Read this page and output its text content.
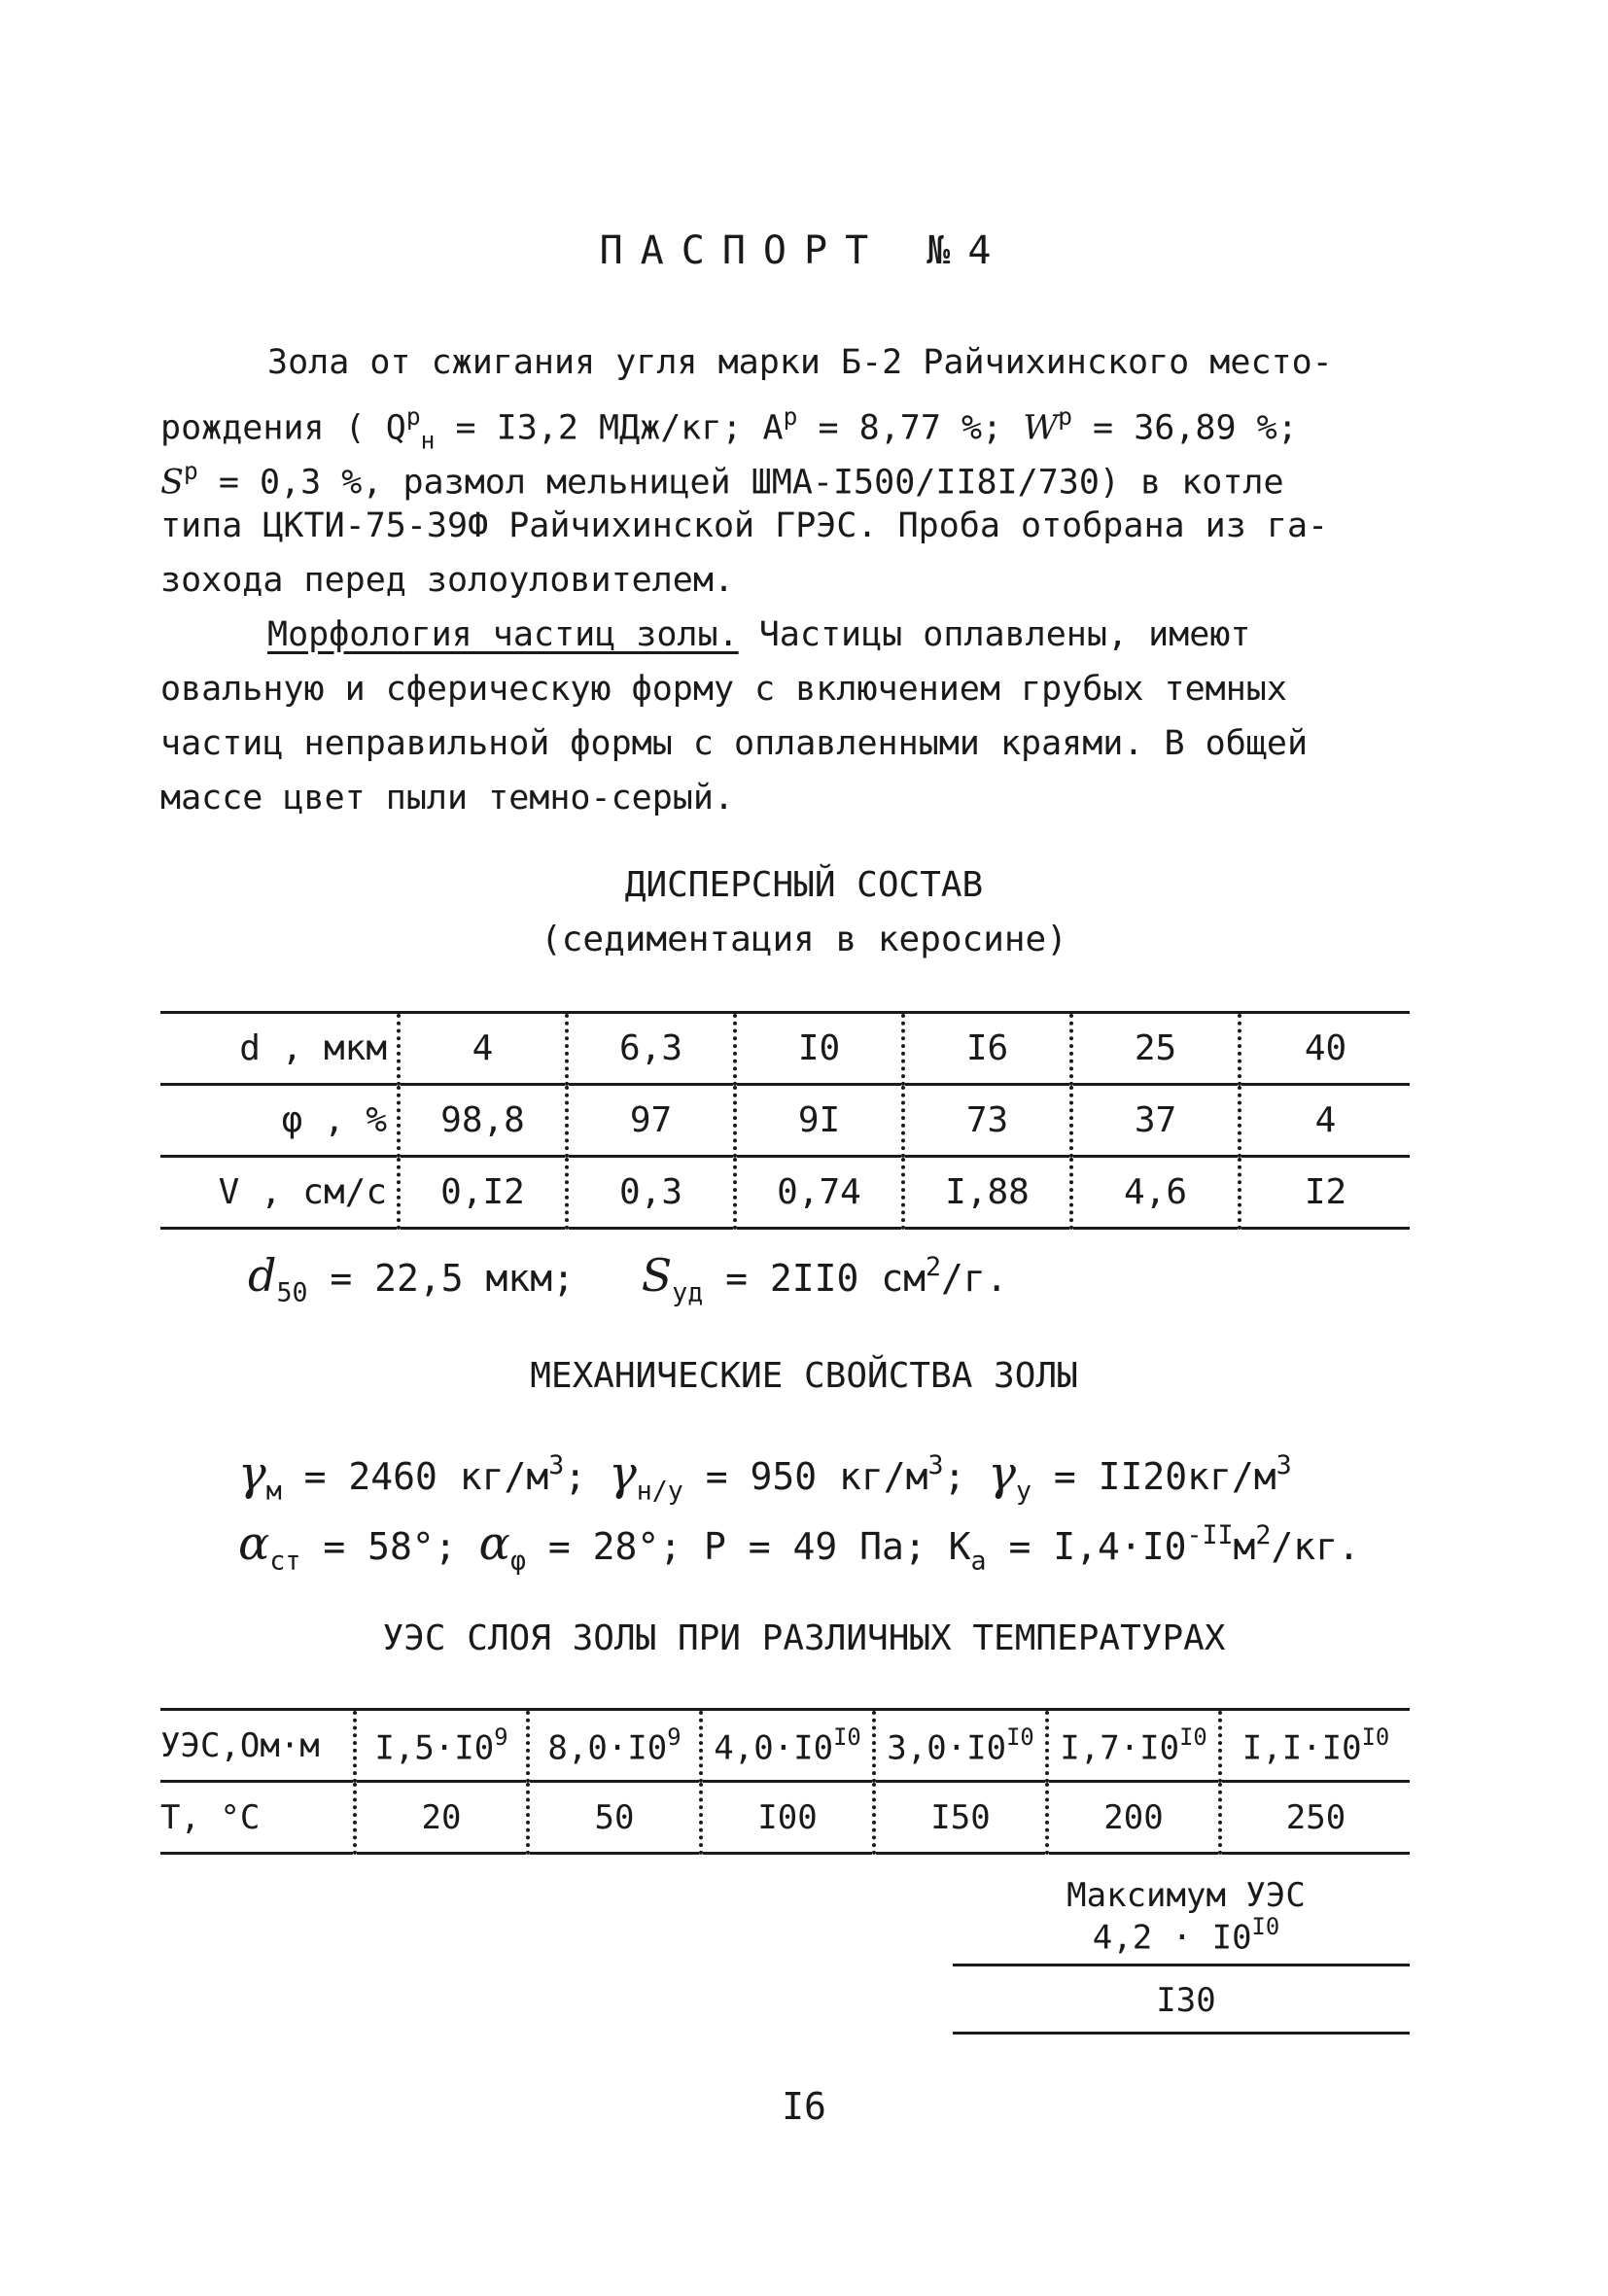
ПАСПОРТ №4
Зола от сжигания угля марки Б-2 Райчихинского место-
рождения ( $Q^р_н = I3,2$ МДж/кг; $А^р = 8,77$ %; $W^р = 36,89$ %;
$S^р = 0,3$ %, размол мельницей ШМА-I500/II8I/730) в котле
типа ЦКТИ-75-39Ф Райчихинской ГРЭС. Проба отобрана из га-
зохода перед золоуловителем.
Морфология частиц золы. Частицы оплавлены, имеют
овальную и сферическую форму с включением грубых темных
частиц неправильной формы с оплавленными краями. В общей
массе цвет пыли темно-серый.
ДИСПЕРСНЫЙ СОСТАВ
(седиментация в керосине)
d , мкм	4	6,3	I0	I6	25	40
φ , %	98,8	97	9I	73	37	4
V , см/с	0,I2	0,3	0,74	I,88	4,6	I2
$d_{50} = 22,5$ мкм; $S_{уд} = 2II0$ $см^2/г$.
МЕХАНИЧЕСКИЕ СВОЙСТВА ЗОЛЫ
$\gamma_м = 2460$ $кг/м^3$; $\gamma_{н/у} = 950$ $кг/м^3$; $\gamma_у = II20кг/м^3$
$\alpha_{ст} = 58^\circ$; $\alpha_\varphi = 28^\circ$; Р = 49 Па; $К_а = I,4\cdot I0^{-II}м^2/кг$.
УЭС СЛОЯ ЗОЛЫ ПРИ РАЗЛИЧНЫХ ТЕМПЕРАТУРАХ
УЭС,Ом·м	$I,5\cdot I0^9$	$8,0\cdot I0^9$	$4,0\cdot I0^{I0}$	$3,0\cdot I0^{I0}$	$I,7\cdot I0^{I0}$	$I,I\cdot I0^{I0}$
Т, °С	20	50	I00	I50	200	250
Максимум УЭС
$4,2 \cdot I0^{I0}$
I30
I6
